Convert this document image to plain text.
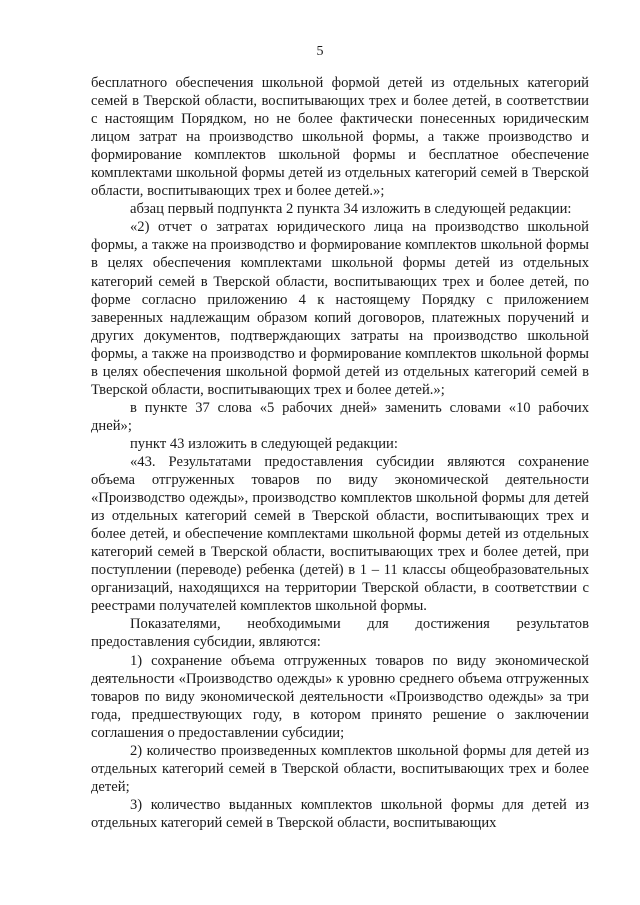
5

бесплатного обеспечения школьной формой детей из отдельных категорий семей в Тверской области, воспитывающих трех и более детей, в соответствии с настоящим Порядком, но не более фактически понесенных юридическим лицом затрат на производство школьной формы, а также производство и формирование комплектов школьной формы и бесплатное обеспечение комплектами школьной формы детей из отдельных категорий семей в Тверской области, воспитывающих трех и более детей.»;

абзац первый подпункта 2 пункта 34 изложить в следующей редакции:

«2) отчет о затратах юридического лица на производство школьной формы, а также на производство и формирование комплектов школьной формы в целях обеспечения комплектами школьной формы детей из отдельных категорий семей в Тверской области, воспитывающих трех и более детей, по форме согласно приложению 4 к настоящему Порядку с приложением заверенных надлежащим образом копий договоров, платежных поручений и других документов, подтверждающих затраты на производство школьной формы, а также на производство и формирование комплектов школьной формы в целях обеспечения школьной формой детей из отдельных категорий семей в Тверской области, воспитывающих трех и более детей.»;

в пункте 37 слова «5 рабочих дней» заменить словами «10 рабочих дней»;

пункт 43 изложить в следующей редакции:

«43. Результатами предоставления субсидии являются сохранение объема отгруженных товаров по виду экономической деятельности «Производство одежды», производство комплектов школьной формы для детей из отдельных категорий семей в Тверской области, воспитывающих трех и более детей, и обеспечение комплектами школьной формы детей из отдельных категорий семей в Тверской области, воспитывающих трех и более детей, при поступлении (переводе) ребенка (детей) в 1 – 11 классы общеобразовательных организаций, находящихся на территории Тверской области, в соответствии с реестрами получателей комплектов школьной формы.

Показателями, необходимыми для достижения результатов предоставления субсидии, являются:

1) сохранение объема отгруженных товаров по виду экономической деятельности «Производство одежды» к уровню среднего объема отгруженных товаров по виду экономической деятельности «Производство одежды» за три года, предшествующих году, в котором принято решение о заключении соглашения о предоставлении субсидии;

2) количество произведенных комплектов школьной формы для детей из отдельных категорий семей в Тверской области, воспитывающих трех и более детей;

3) количество выданных комплектов школьной формы для детей из отдельных категорий семей в Тверской области, воспитывающих
